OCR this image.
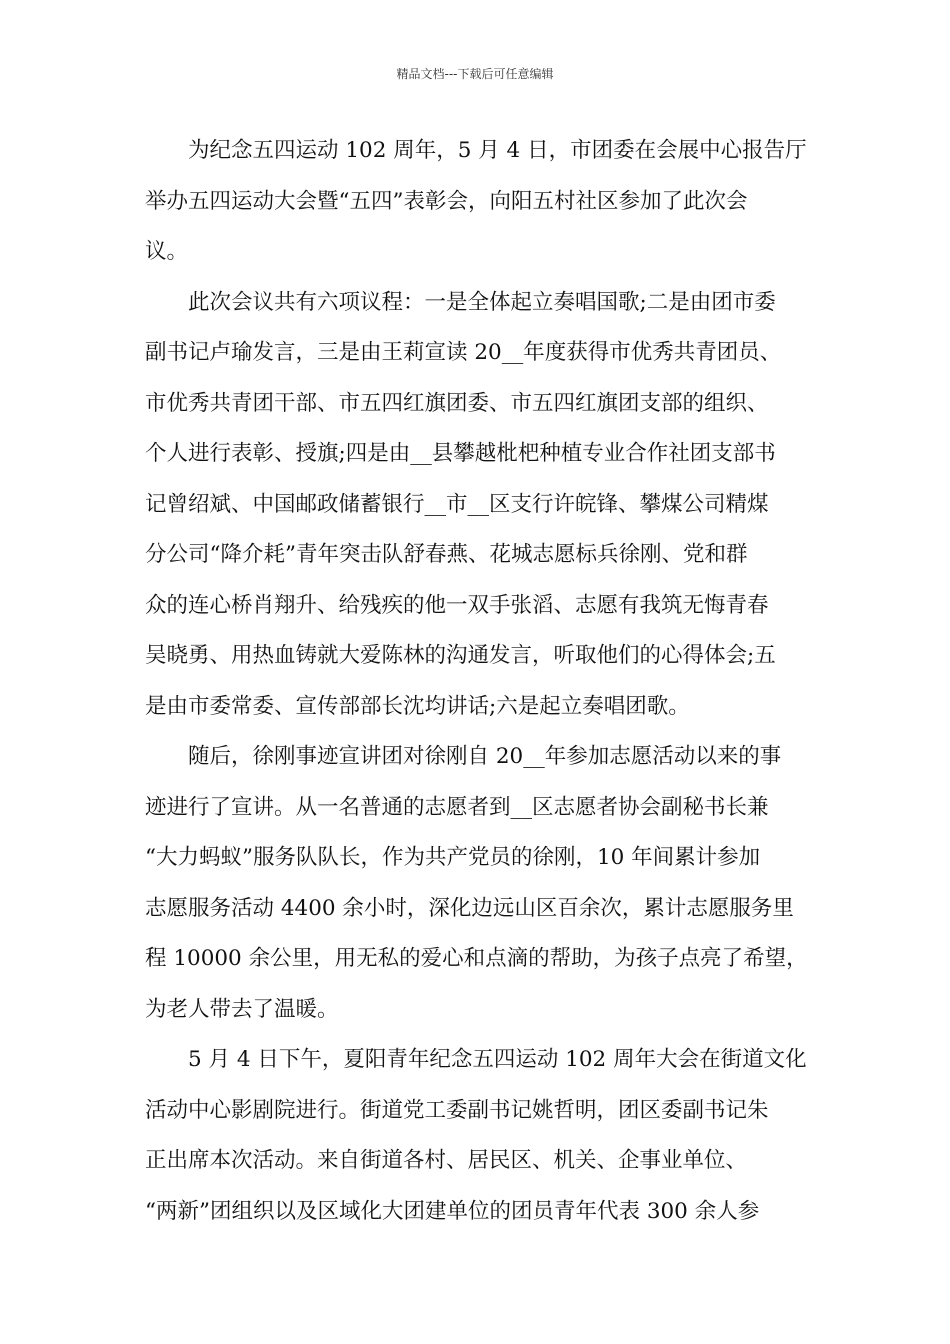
精品文档---下载后可任意编辑
为纪念五四运动 102 周年，5 月 4 日，市团委在会展中心报告厅
举办五四运动大会暨“五四”表彰会，向阳五村社区参加了此次会
议。
此次会议共有六项议程：一是全体起立奏唱国歌;二是由团市委
副书记卢瑜发言，三是由王莉宣读 20__年度获得市优秀共青团员、
市优秀共青团干部、市五四红旗团委、市五四红旗团支部的组织、
个人进行表彰、授旗;四是由__县攀越枇杷种植专业合作社团支部书
记曾绍斌、中国邮政储蓄银行__市__区支行许皖锋、攀煤公司精煤
分公司“降介耗”青年突击队舒春燕、花城志愿标兵徐刚、党和群
众的连心桥肖翔升、给残疾的他一双手张滔、志愿有我筑无悔青春
吴晓勇、用热血铸就大爱陈林的沟通发言，听取他们的心得体会;五
是由市委常委、宣传部部长沈均讲话;六是起立奏唱团歌。
随后，徐刚事迹宣讲团对徐刚自 20__年参加志愿活动以来的事
迹进行了宣讲。从一名普通的志愿者到__区志愿者协会副秘书长兼
“大力蚂蚁”服务队队长，作为共产党员的徐刚，10 年间累计参加
志愿服务活动 4400 余小时，深化边远山区百余次，累计志愿服务里
程 10000 余公里，用无私的爱心和点滴的帮助，为孩子点亮了希望，
为老人带去了温暖。
5 月 4 日下午，夏阳青年纪念五四运动 102 周年大会在街道文化
活动中心影剧院进行。街道党工委副书记姚哲明，团区委副书记朱
正出席本次活动。来自街道各村、居民区、机关、企事业单位、
“两新”团组织以及区域化大团建单位的团员青年代表 300 余人参
